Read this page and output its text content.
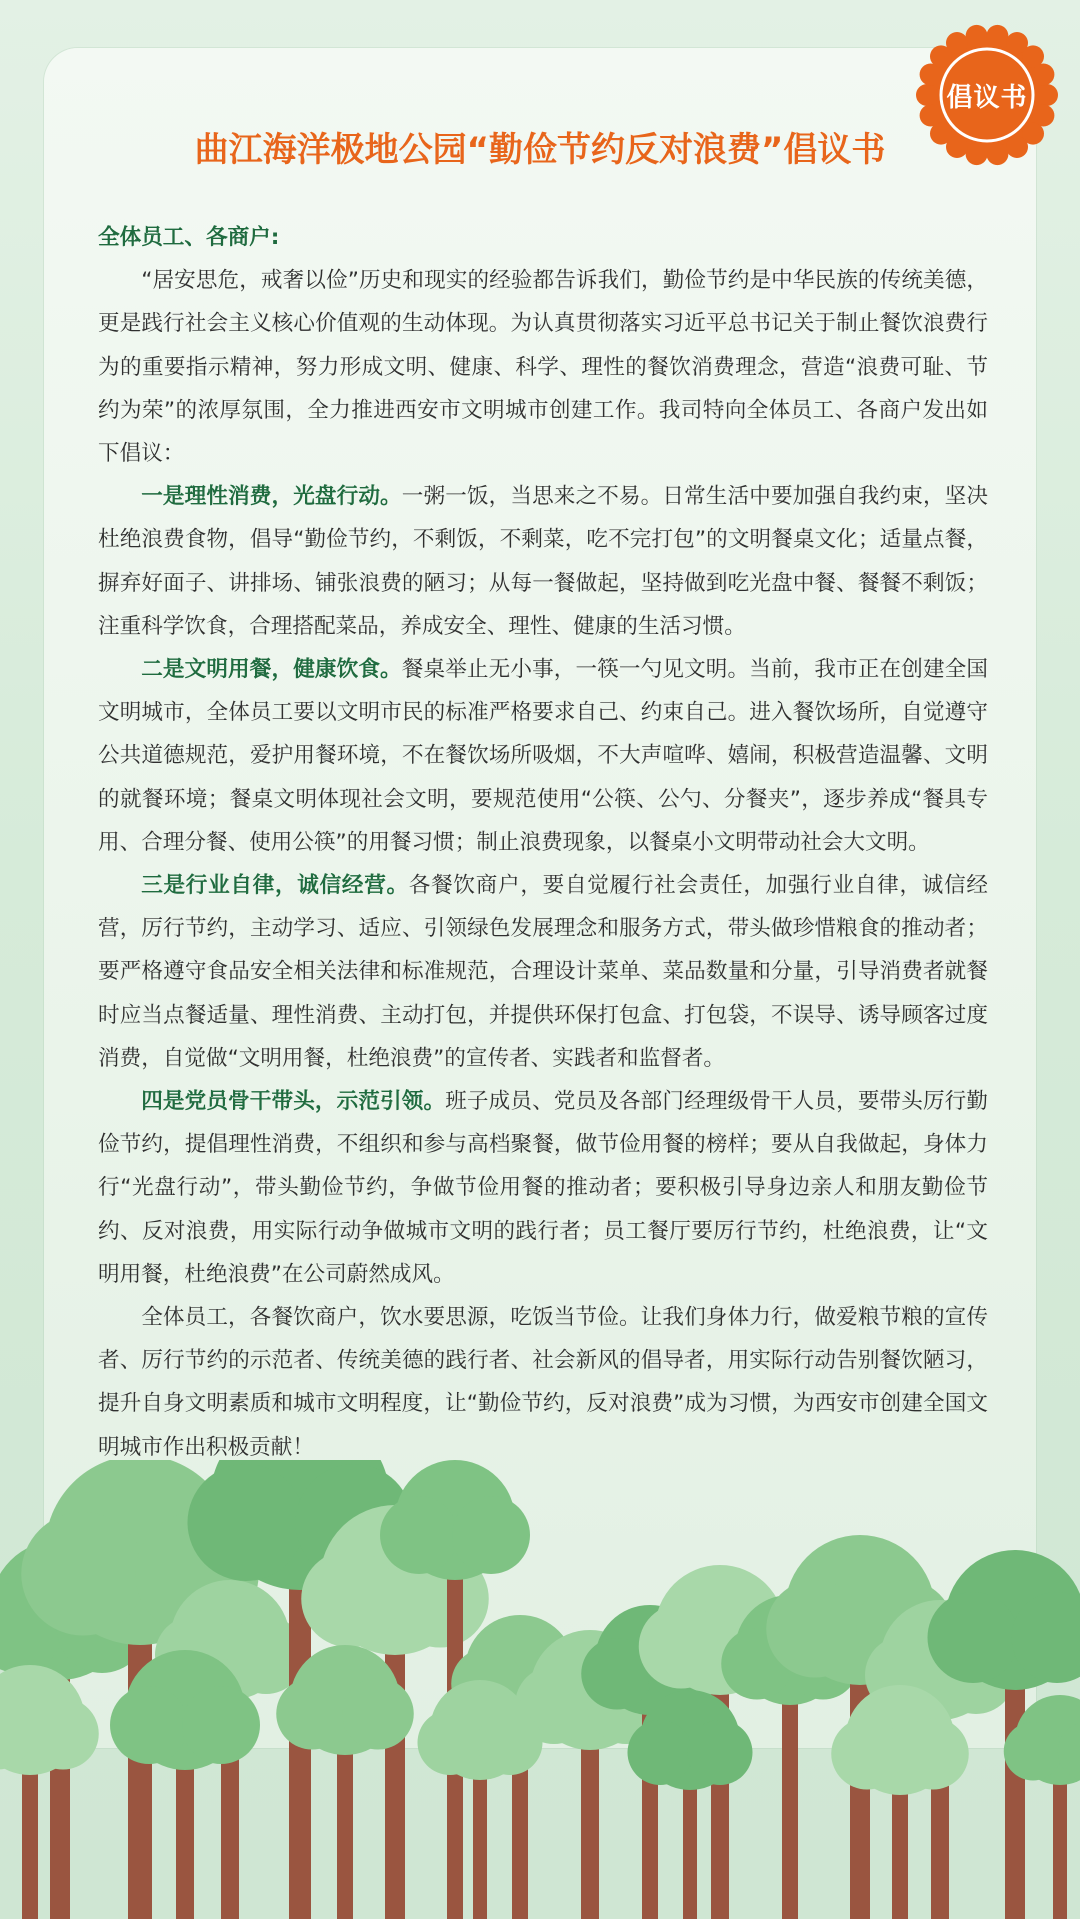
倡议书
曲江海洋极地公园“勤俭节约反对浪费”倡议书

全体员工、各商户:

“居安思危，戒奢以俭”历史和现实的经验都告诉我们，勤俭节约是中华民族的传统美德，更是践行社会主义核心价值观的生动体现。为认真贯彻落实习近平总书记关于制止餐饮浪费行为的重要指示精神，努力形成文明、健康、科学、理性的餐饮消费理念，营造“浪费可耻、节约为荣”的浓厚氛围，全力推进西安市文明城市创建工作。我司特向全体员工、各商户发出如下倡议：

一是理性消费，光盘行动。一粥一饭，当思来之不易。日常生活中要加强自我约束，坚决杜绝浪费食物，倡导“勤俭节约，不剩饭，不剩菜，吃不完打包”的文明餐桌文化；适量点餐，摒弃好面子、讲排场、铺张浪费的陋习；从每一餐做起，坚持做到吃光盘中餐、餐餐不剩饭；注重科学饮食，合理搭配菜品，养成安全、理性、健康的生活习惯。

二是文明用餐，健康饮食。餐桌举止无小事，一筷一勺见文明。当前，我市正在创建全国文明城市，全体员工要以文明市民的标准严格要求自己、约束自己。进入餐饮场所，自觉遵守公共道德规范，爱护用餐环境，不在餐饮场所吸烟，不大声喧哗、嬉闹，积极营造温馨、文明的就餐环境；餐桌文明体现社会文明，要规范使用“公筷、公勺、分餐夹”，逐步养成“餐具专用、合理分餐、使用公筷”的用餐习惯；制止浪费现象，以餐桌小文明带动社会大文明。

三是行业自律，诚信经营。各餐饮商户，要自觉履行社会责任，加强行业自律，诚信经营，厉行节约，主动学习、适应、引领绿色发展理念和服务方式，带头做珍惜粮食的推动者；要严格遵守食品安全相关法律和标准规范，合理设计菜单、菜品数量和分量，引导消费者就餐时应当点餐适量、理性消费、主动打包，并提供环保打包盒、打包袋，不误导、诱导顾客过度消费，自觉做“文明用餐，杜绝浪费”的宣传者、实践者和监督者。

四是党员骨干带头，示范引领。班子成员、党员及各部门经理级骨干人员，要带头厉行勤俭节约，提倡理性消费，不组织和参与高档聚餐，做节俭用餐的榜样；要从自我做起，身体力行“光盘行动”，带头勤俭节约，争做节俭用餐的推动者；要积极引导身边亲人和朋友勤俭节约、反对浪费，用实际行动争做城市文明的践行者；员工餐厅要厉行节约，杜绝浪费，让“文明用餐，杜绝浪费”在公司蔚然成风。

全体员工，各餐饮商户，饮水要思源，吃饭当节俭。让我们身体力行，做爱粮节粮的宣传者、厉行节约的示范者、传统美德的践行者、社会新风的倡导者，用实际行动告别餐饮陋习，提升自身文明素质和城市文明程度，让“勤俭节约，反对浪费”成为习惯，为西安市创建全国文明城市作出积极贡献！
